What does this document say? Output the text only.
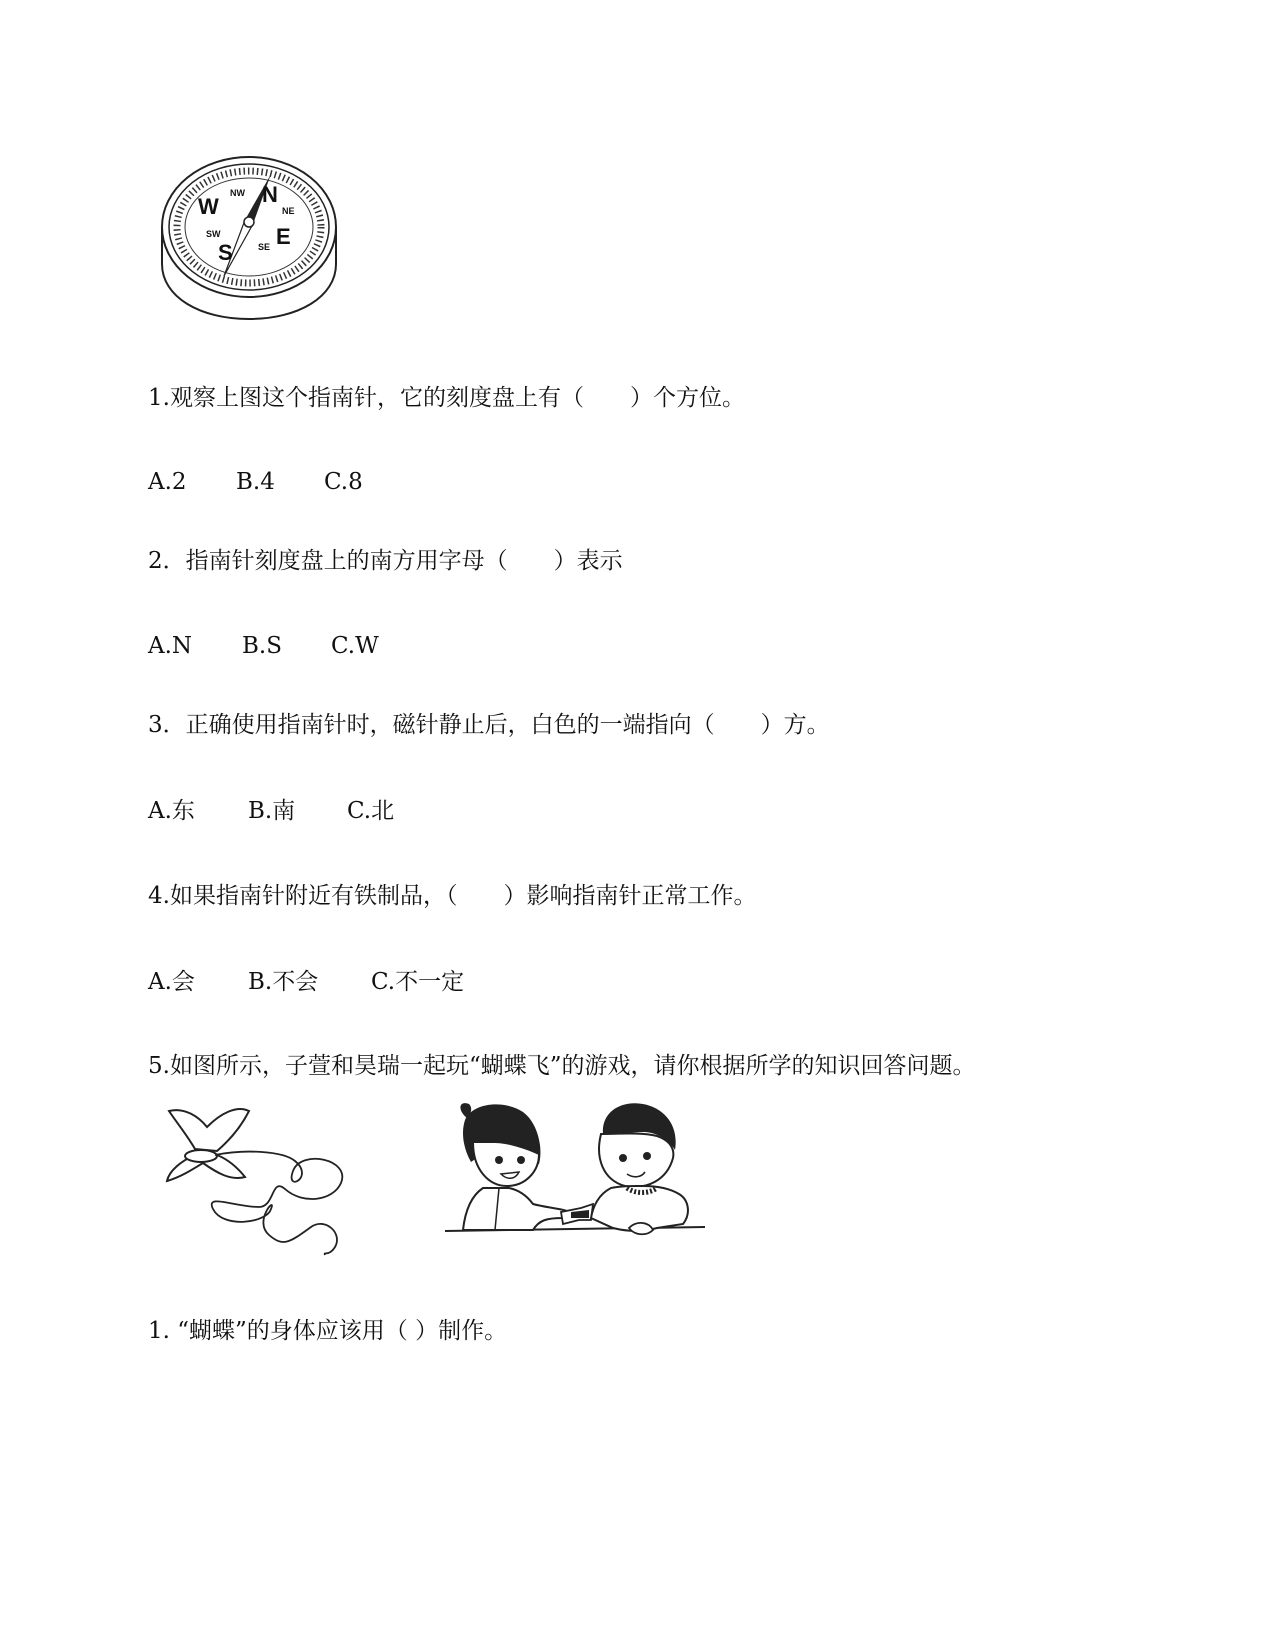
N
E
S
W	NE
SE
SW
NW
1.观察上图这个指南针，它的刻度盘上有（　　）个方位。
A.2 B.4 C.8
2．指南针刻度盘上的南方用字母（　　）表示
A.N B.S C.W
3．正确使用指南针时，磁针静止后，白色的一端指向（　　）方。
A.东 B.南 C.北
4.如果指南针附近有铁制品，（　　）影响指南针正常工作。
A.会 B.不会 C.不一定
5.如图所示，子萱和昊瑞一起玩“蝴蝶飞”的游戏，请你根据所学的知识回答问题。
1. “蝴蝶”的身体应该用（ ）制作。
